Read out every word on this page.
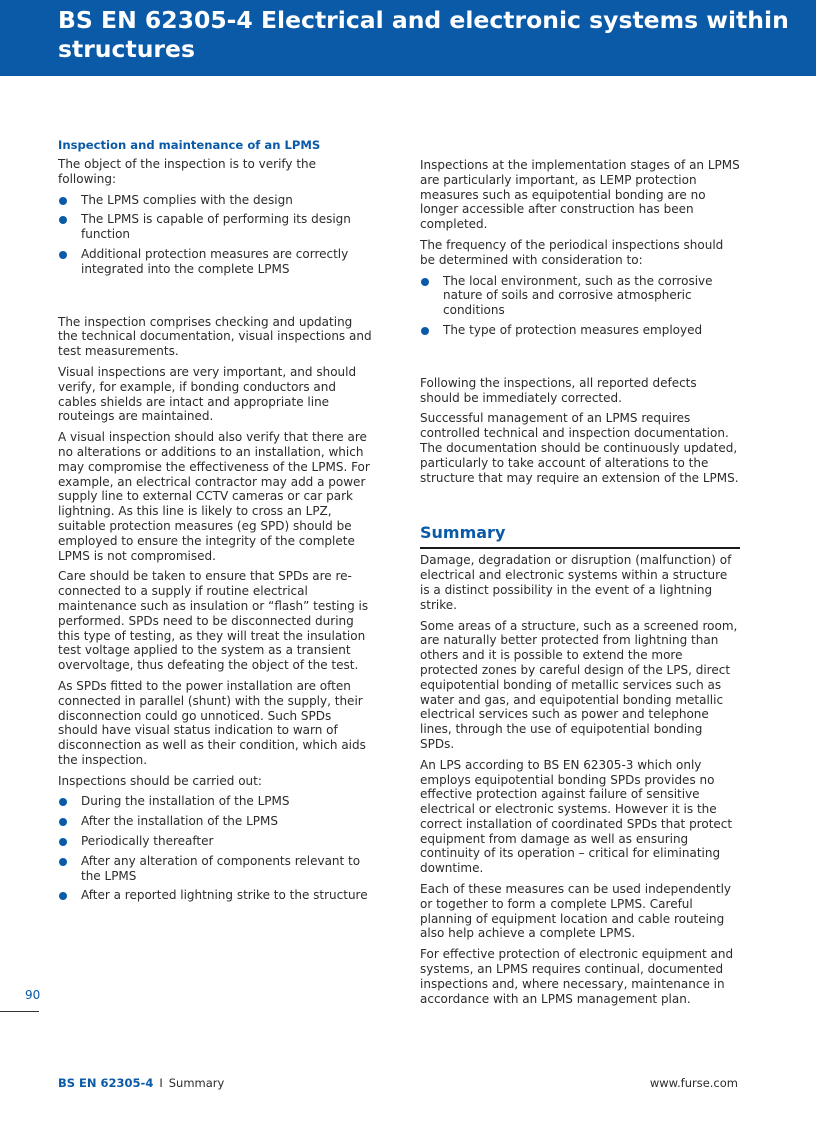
BS EN 62305-4 Electrical and electronic systems within structures
Inspection and maintenance of an LPMS

The object of the inspection is to verify the following:

The LPMS complies with the design
The LPMS is capable of performing its design function
Additional protection measures are correctly integrated into the complete LPMS

The inspection comprises checking and updating the technical documentation, visual inspections and test measurements.

Visual inspections are very important, and should verify, for example, if bonding conductors and cables shields are intact and appropriate line routeings are maintained.

A visual inspection should also verify that there are no alterations or additions to an installation, which may compromise the effectiveness of the LPMS. For example, an electrical contractor may add a power supply line to external CCTV cameras or car park lightning. As this line is likely to cross an LPZ, suitable protection measures (eg SPD) should be employed to ensure the integrity of the complete LPMS is not compromised.

Care should be taken to ensure that SPDs are re-connected to a supply if routine electrical maintenance such as insulation or “flash” testing is performed. SPDs need to be disconnected during this type of testing, as they will treat the insulation test voltage applied to the system as a transient overvoltage, thus defeating the object of the test.

As SPDs fitted to the power installation are often connected in parallel (shunt) with the supply, their disconnection could go unnoticed. Such SPDs should have visual status indication to warn of disconnection as well as their condition, which aids the inspection.

Inspections should be carried out:

During the installation of the LPMS
After the installation of the LPMS
Periodically thereafter
After any alteration of components relevant to the LPMS
After a reported lightning strike to the structure

Inspections at the implementation stages of an LPMS are particularly important, as LEMP protection measures such as equipotential bonding are no longer accessible after construction has been completed.

The frequency of the periodical inspections should be determined with consideration to:

The local environment, such as the corrosive nature of soils and corrosive atmospheric conditions
The type of protection measures employed

Following the inspections, all reported defects should be immediately corrected.

Successful management of an LPMS requires controlled technical and inspection documentation. The documentation should be continuously updated, particularly to take account of alterations to the structure that may require an extension of the LPMS.

Summary

Damage, degradation or disruption (malfunction) of electrical and electronic systems within a structure is a distinct possibility in the event of a lightning strike.

Some areas of a structure, such as a screened room, are naturally better protected from lightning than others and it is possible to extend the more protected zones by careful design of the LPS, direct equipotential bonding of metallic services such as water and gas, and equipotential bonding metallic electrical services such as power and telephone lines, through the use of equipotential bonding SPDs.

An LPS according to BS EN 62305-3 which only employs equipotential bonding SPDs provides no effective protection against failure of sensitive electrical or electronic systems. However it is the correct installation of coordinated SPDs that protect equipment from damage as well as ensuring continuity of its operation – critical for eliminating downtime.

Each of these measures can be used independently or together to form a complete LPMS. Careful planning of equipment location and cable routeing also help achieve a complete LPMS.

For effective protection of electronic equipment and systems, an LPMS requires continual, documented inspections and, where necessary, maintenance in accordance with an LPMS management plan.

90
BS EN 62305-4 I Summary	www.furse.com
